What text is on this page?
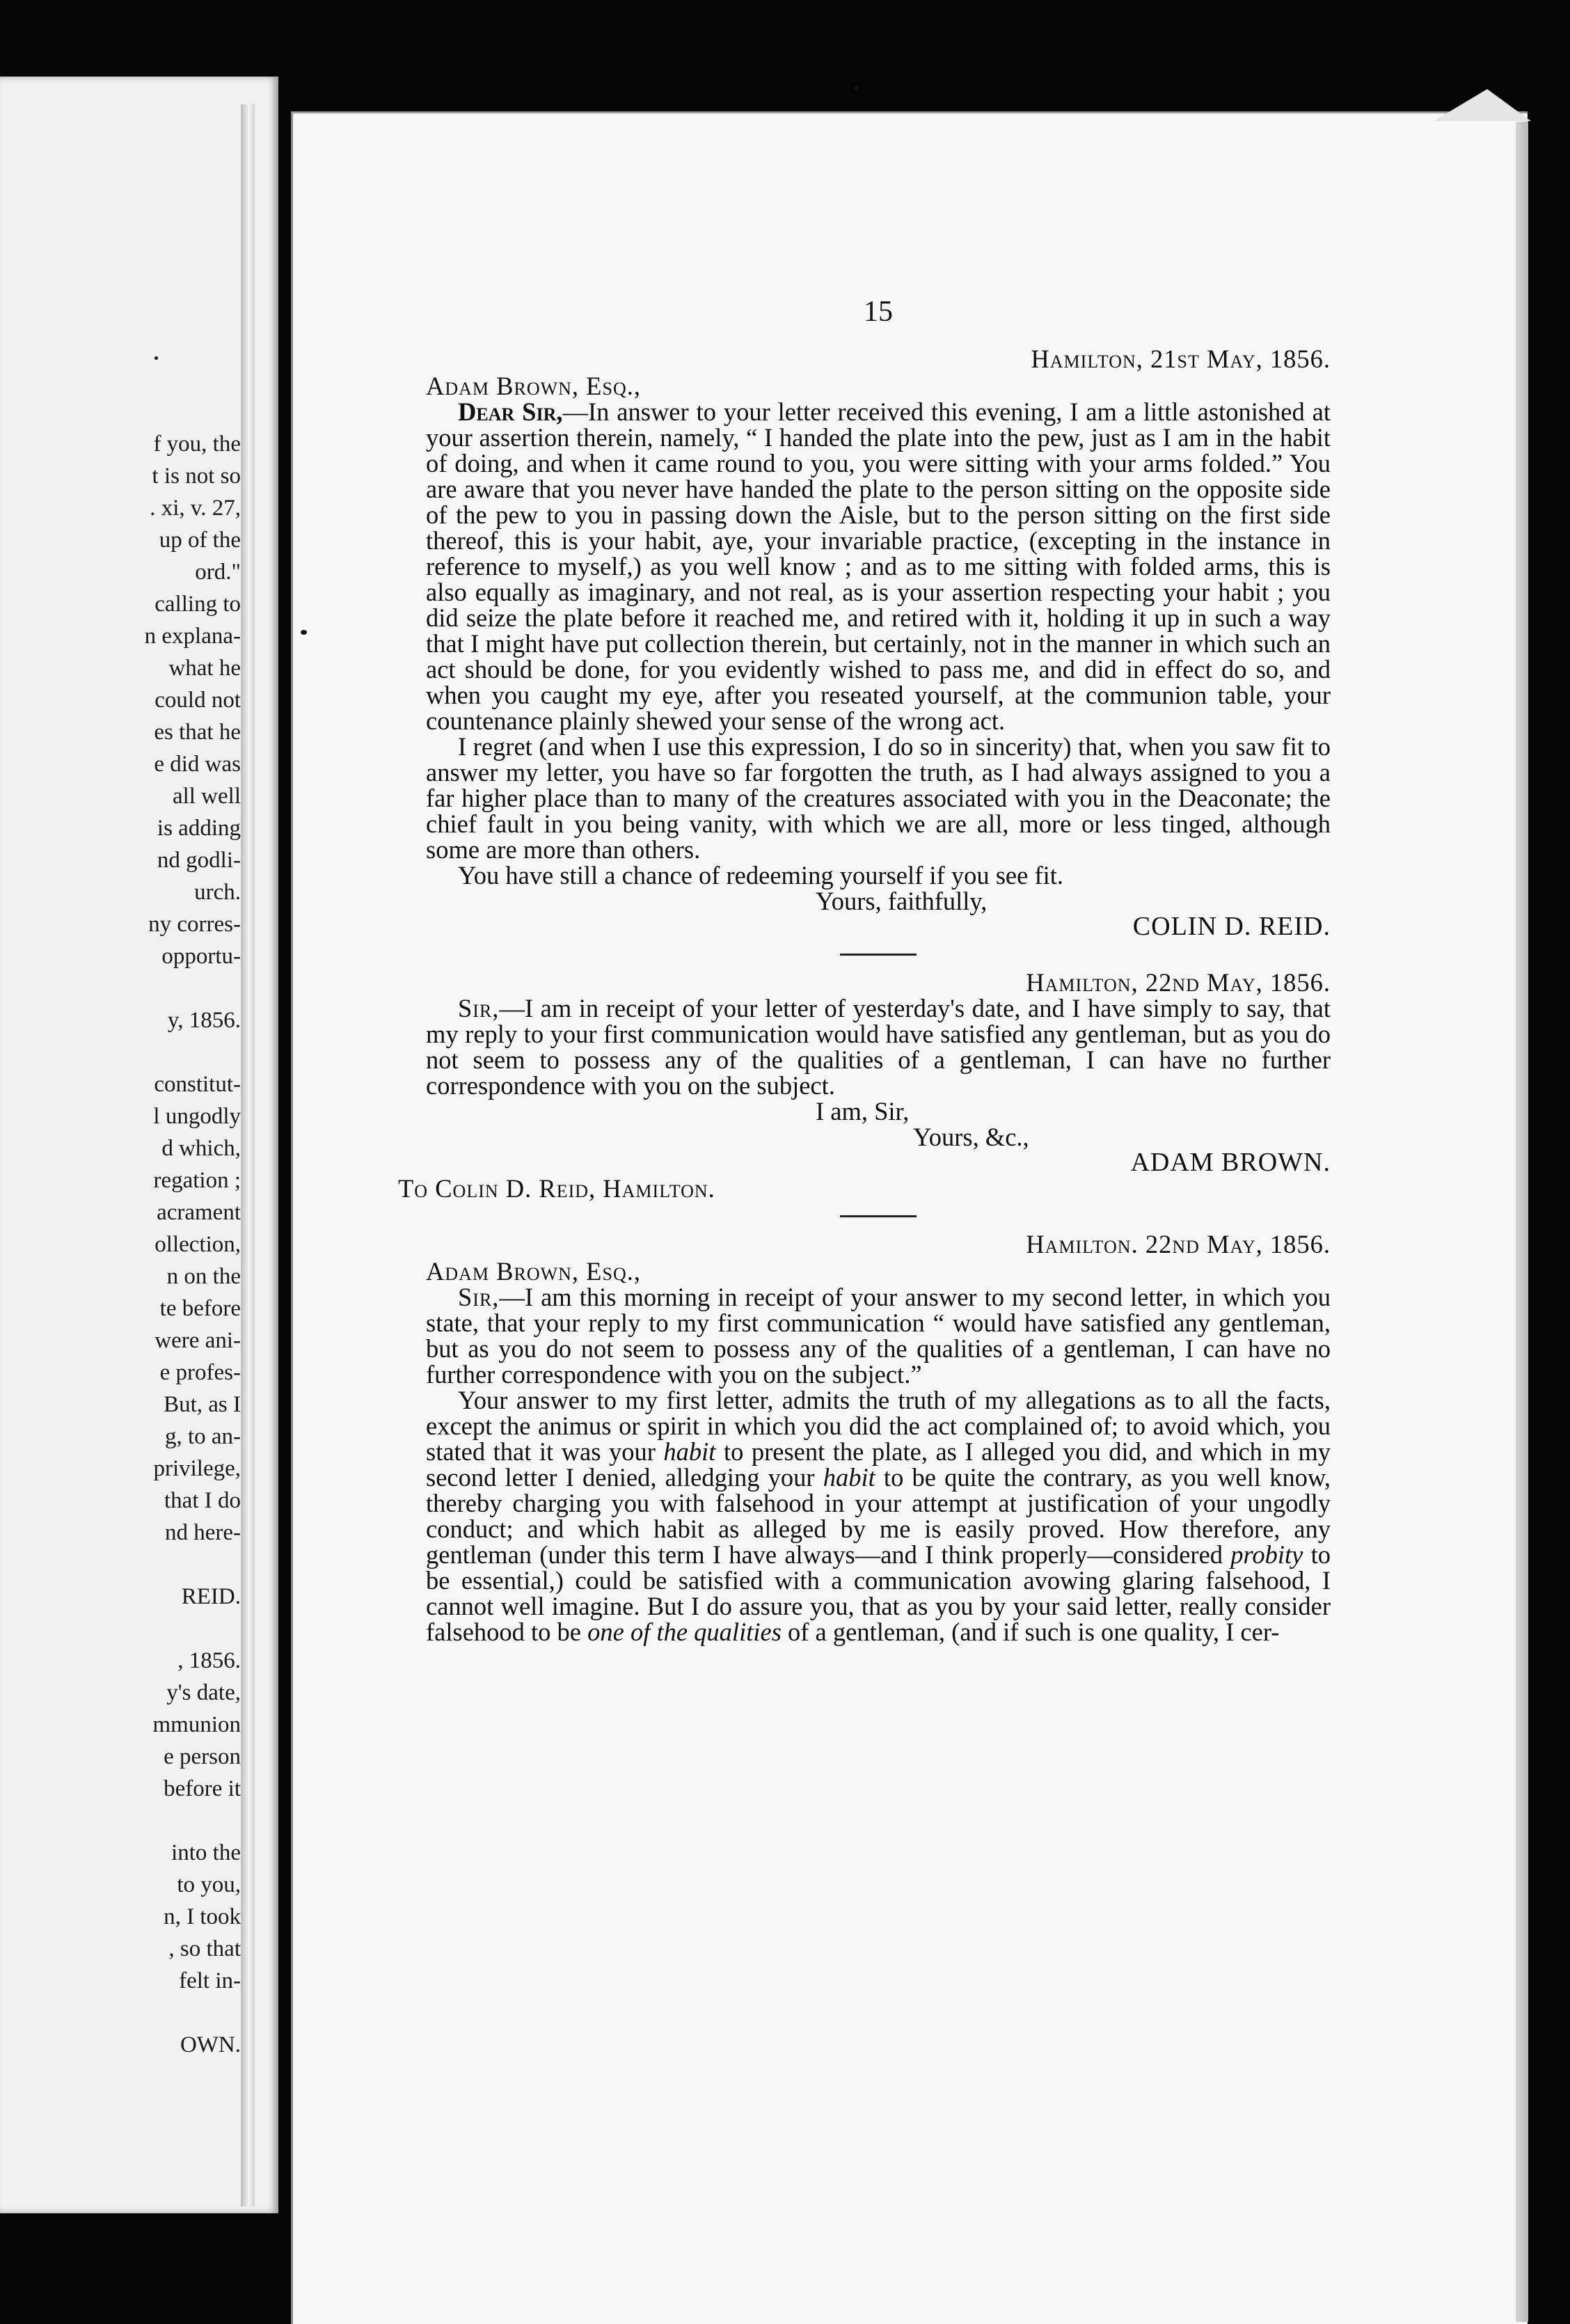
f you, the
t is not so
. xi, v. 27,
up of the
ord."
calling to
n explana-
what he
could not
es that he
e did was
all well
is adding
nd godli-
urch.
ny corres-
opportu-
y, 1856.
constitut-
l ungodly
d which,
regation ;
acrament
ollection,
n on the
te before
were ani-
e profes-
But, as I
g, to an-
privilege,
that I do
nd here-
REID.
, 1856.
y's date,
mmunion
e person
before it
into the
to you,
n, I took
, so that
felt in-
OWN.
15
Hamilton, 21st May, 1856.
Adam Brown, Esq.,

Dear Sir,—In answer to your letter received this evening, I am a little astonished at your assertion therein, namely, “ I handed the plate into the pew, just as I am in the habit of doing, and when it came round to you, you were sitting with your arms folded.” You are aware that you never have handed the plate to the person sitting on the opposite side of the pew to you in passing down the Aisle, but to the person sitting on the first side thereof, this is your habit, aye, your invariable practice, (excepting in the instance in reference to myself,) as you well know ; and as to me sitting with folded arms, this is also equally as imaginary, and not real, as is your assertion respecting your habit ; you did seize the plate before it reached me, and retired with it, holding it up in such a way that I might have put collection therein, but certainly, not in the manner in which such an act should be done, for you evidently wished to pass me, and did in effect do so, and when you caught my eye, after you reseated yourself, at the communion table, your countenance plainly shewed your sense of the wrong act.

I regret (and when I use this expression, I do so in sincerity) that, when you saw fit to answer my letter, you have so far forgotten the truth, as I had always assigned to you a far higher place than to many of the creatures associated with you in the Deaconate; the chief fault in you being vanity, with which we are all, more or less tinged, although some are more than others.

You have still a chance of redeeming yourself if you see fit.

Yours, faithfully,
COLIN D. REID.
Hamilton, 22nd May, 1856.

Sir,—I am in receipt of your letter of yesterday's date, and I have simply to say, that my reply to your first communication would have satisfied any gentleman, but as you do not seem to possess any of the qualities of a gentleman, I can have no further correspondence with you on the subject.

I am, Sir,
Yours, &c.,
ADAM BROWN.
To Colin D. Reid, Hamilton.
Hamilton. 22nd May, 1856.
Adam Brown, Esq.,

Sir,—I am this morning in receipt of your answer to my second letter, in which you state, that your reply to my first communication “ would have satisfied any gentleman, but as you do not seem to possess any of the qualities of a gentleman, I can have no further correspondence with you on the subject.”

Your answer to my first letter, admits the truth of my allegations as to all the facts, except the animus or spirit in which you did the act complained of; to avoid which, you stated that it was your habit to present the plate, as I alleged you did, and which in my second letter I denied, alledging your habit to be quite the contrary, as you well know, thereby charging you with falsehood in your attempt at justification of your ungodly conduct; and which habit as alleged by me is easily proved. How therefore, any gentleman (under this term I have always—and I think properly—considered probity to be essential,) could be satisfied with a communication avowing glaring falsehood, I cannot well imagine. But I do assure you, that as you by your said letter, really consider falsehood to be one of the qualities of a gentleman, (and if such is one quality, I cer-
